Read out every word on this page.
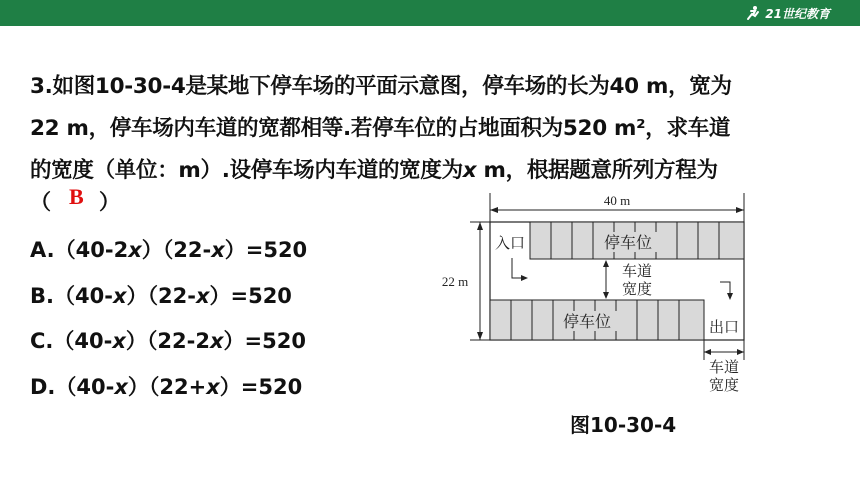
21世纪教育
3.如图10-30-4是某地下停车场的平面示意图，停车场的长为40 m，宽为
22 m，停车场内车道的宽都相等.若停车位的占地面积为520 m²，求车道
的宽度（单位：m）.设停车场内车道的宽度为x m，根据题意所列方程为
（ ）
B
A.（40-2x）（22-x）=520
B.（40-x）（22-x）=520
C.（40-x）（22-2x）=520
D.（40-x）（22+x）=520
40 m
22 m
停车位
入口
车道
宽度
停车位	出口
车道
宽度
图10-30-4
